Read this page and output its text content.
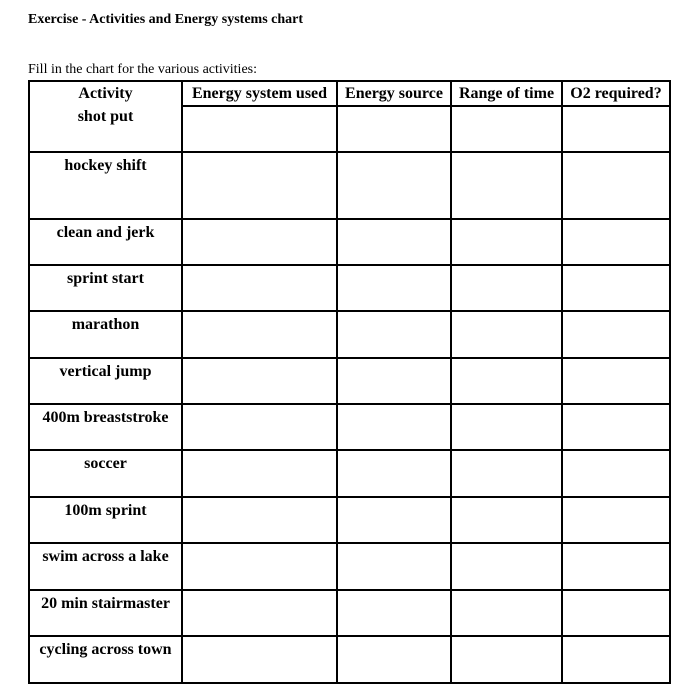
Exercise - Activities and Energy systems chart
Fill in the chart for the various activities:
Activity	Energy system used	Energy source	Range of time	O2 required?
shot put				
hockey shift				
clean and jerk				
sprint start				
marathon				
vertical jump				
400m breaststroke				
soccer				
100m sprint				
swim across a lake				
20 min stairmaster				
cycling across town				
